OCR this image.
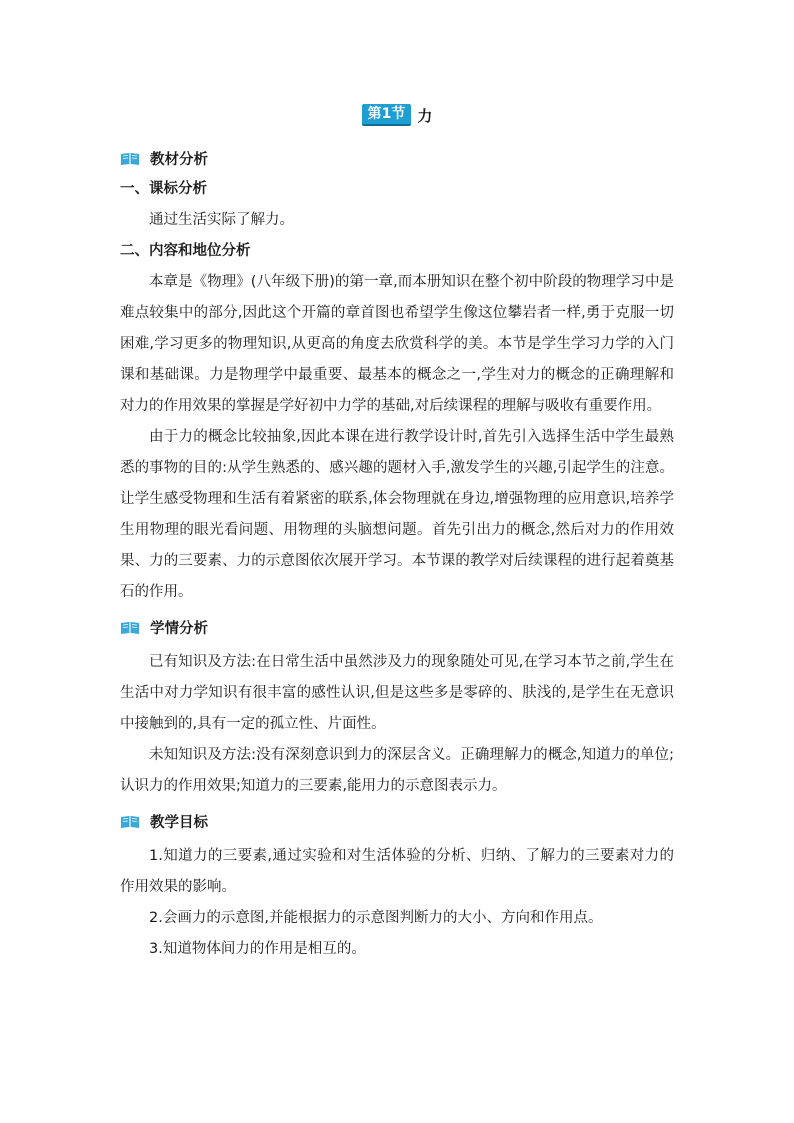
第1节 力
教材分析
一、课标分析

通过生活实际了解力。

二、内容和地位分析

本章是《物理》(八年级下册)的第一章,而本册知识在整个初中阶段的物理学习中是难点较集中的部分,因此这个开篇的章首图也希望学生像这位攀岩者一样,勇于克服一切困难,学习更多的物理知识,从更高的角度去欣赏科学的美。本节是学生学习力学的入门课和基础课。力是物理学中最重要、最基本的概念之一,学生对力的概念的正确理解和对力的作用效果的掌握是学好初中力学的基础,对后续课程的理解与吸收有重要作用。

由于力的概念比较抽象,因此本课在进行教学设计时,首先引入选择生活中学生最熟悉的事物的目的:从学生熟悉的、感兴趣的题材入手,激发学生的兴趣,引起学生的注意。让学生感受物理和生活有着紧密的联系,体会物理就在身边,增强物理的应用意识,培养学生用物理的眼光看问题、用物理的头脑想问题。首先引出力的概念,然后对力的作用效果、力的三要素、力的示意图依次展开学习。本节课的教学对后续课程的进行起着奠基石的作用。

学情分析

已有知识及方法:在日常生活中虽然涉及力的现象随处可见,在学习本节之前,学生在生活中对力学知识有很丰富的感性认识,但是这些多是零碎的、肤浅的,是学生在无意识中接触到的,具有一定的孤立性、片面性。

未知知识及方法:没有深刻意识到力的深层含义。正确理解力的概念,知道力的单位;认识力的作用效果;知道力的三要素,能用力的示意图表示力。

教学目标

1.知道力的三要素,通过实验和对生活体验的分析、归纳、了解力的三要素对力的作用效果的影响。

2.会画力的示意图,并能根据力的示意图判断力的大小、方向和作用点。

3.知道物体间力的作用是相互的。
